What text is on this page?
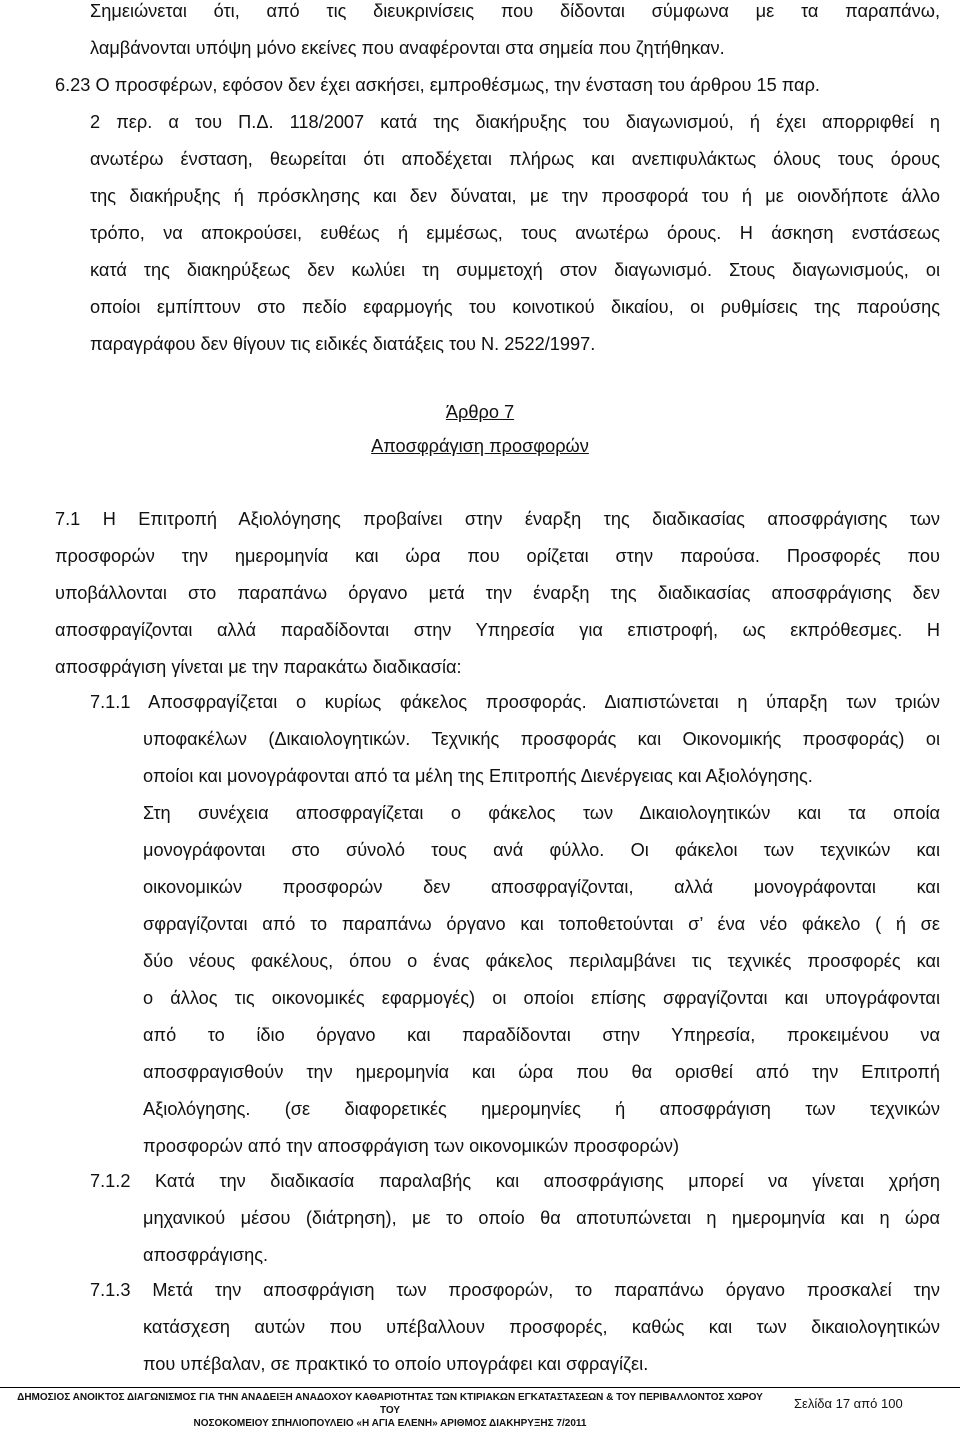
Σημειώνεται ότι, από τις διευκρινίσεις που δίδονται σύμφωνα με τα παραπάνω,
λαμβάνονται υπόψη μόνο εκείνες που αναφέρονται στα σημεία που ζητήθηκαν.
6.23 Ο προσφέρων, εφόσον δεν έχει ασκήσει, εμπροθέσμως, την ένσταση του άρθρου 15 παρ.
2 περ. α του Π.Δ. 118/2007 κατά της διακήρυξης του διαγωνισμού, ή έχει απορριφθεί η
ανωτέρω ένσταση, θεωρείται ότι αποδέχεται πλήρως και ανεπιφυλάκτως όλους τους όρους
της διακήρυξης ή πρόσκλησης και δεν δύναται, με την προσφορά του ή με οιονδήποτε άλλο
τρόπο, να αποκρούσει, ευθέως ή εμμέσως, τους ανωτέρω όρους. Η άσκηση ενστάσεως
κατά της διακηρύξεως δεν κωλύει τη συμμετοχή στον διαγωνισμό. Στους διαγωνισμούς, οι
οποίοι εμπίπτουν στο πεδίο εφαρμογής του κοινοτικού δικαίου, οι ρυθμίσεις της παρούσης
παραγράφου δεν θίγουν τις ειδικές διατάξεις του Ν. 2522/1997.
Άρθρο 7
Αποσφράγιση προσφορών
7.1 Η Επιτροπή Αξιολόγησης προβαίνει στην έναρξη της διαδικασίας αποσφράγισης των
προσφορών την ημερομηνία και ώρα που ορίζεται στην παρούσα. Προσφορές που
υποβάλλονται στο παραπάνω όργανο μετά την έναρξη της διαδικασίας αποσφράγισης δεν
αποσφραγίζονται αλλά παραδίδονται στην Υπηρεσία για επιστροφή, ως εκπρόθεσμες. Η
αποσφράγιση γίνεται με την παρακάτω διαδικασία:
7.1.1 Αποσφραγίζεται ο κυρίως φάκελος προσφοράς. Διαπιστώνεται η ύπαρξη των τριών
υποφακέλων (Δικαιολογητικών. Τεχνικής προσφοράς και Οικονομικής προσφοράς) οι
οποίοι και μονογράφονται από τα μέλη της Επιτροπής Διενέργειας και Αξιολόγησης.
Στη συνέχεια αποσφραγίζεται ο φάκελος των Δικαιολογητικών και τα οποία
μονογράφονται στο σύνολό τους ανά φύλλο. Οι φάκελοι των τεχνικών και
οικονομικών προσφορών δεν αποσφραγίζονται, αλλά μονογράφονται και
σφραγίζονται από το παραπάνω όργανο και τοποθετούνται σ’ ένα νέο φάκελο ( ή σε
δύο νέους φακέλους, όπου ο ένας φάκελος περιλαμβάνει τις τεχνικές προσφορές και
ο άλλος τις οικονομικές εφαρμογές) οι οποίοι επίσης σφραγίζονται και υπογράφονται
από το ίδιο όργανο και παραδίδονται στην Υπηρεσία, προκειμένου να
αποσφραγισθούν την ημερομηνία και ώρα που θα ορισθεί από την Επιτροπή
Αξιολόγησης. (σε διαφορετικές ημερομηνίες ή αποσφράγιση των τεχνικών
προσφορών από την αποσφράγιση των οικονομικών προσφορών)
7.1.2 Κατά την διαδικασία παραλαβής και αποσφράγισης μπορεί να γίνεται χρήση
μηχανικού μέσου (διάτρηση), με το οποίο θα αποτυπώνεται η ημερομηνία και η ώρα
αποσφράγισης.
7.1.3 Μετά την αποσφράγιση των προσφορών, το παραπάνω όργανο προσκαλεί την
κατάσχεση αυτών που υπέβαλλουν προσφορές, καθώς και των δικαιολογητικών
που υπέβαλαν, σε πρακτικό το οποίο υπογράφει και σφραγίζει.
ΔΗΜΟΣΙΟΣ ΑΝΟΙΚΤΟΣ ΔΙΑΓΩΝΙΣΜΟΣ ΓΙΑ ΤΗΝ ΑΝΑΔΕΙΞΗ ΑΝΑΔΟΧΟΥ ΚΑΘΑΡΙΟΤΗΤΑΣ ΤΩΝ ΚΤΙΡΙΑΚΩΝ ΕΓΚΑΤΑΣΤΑΣΕΩΝ & ΤΟΥ ΠΕΡΙΒΑΛΛΟΝΤΟΣ ΧΩΡΟΥ ΤΟΥ
ΝΟΣΟΚΟΜΕΙΟΥ ΣΠΗΛΙΟΠΟΥΛΕΙΟ «Η ΑΓΙΑ ΕΛΕΝΗ» ΑΡΙΘΜΟΣ ΔΙΑΚΗΡΥΞΗΣ 7/2011
Σελίδα 17 από 100
